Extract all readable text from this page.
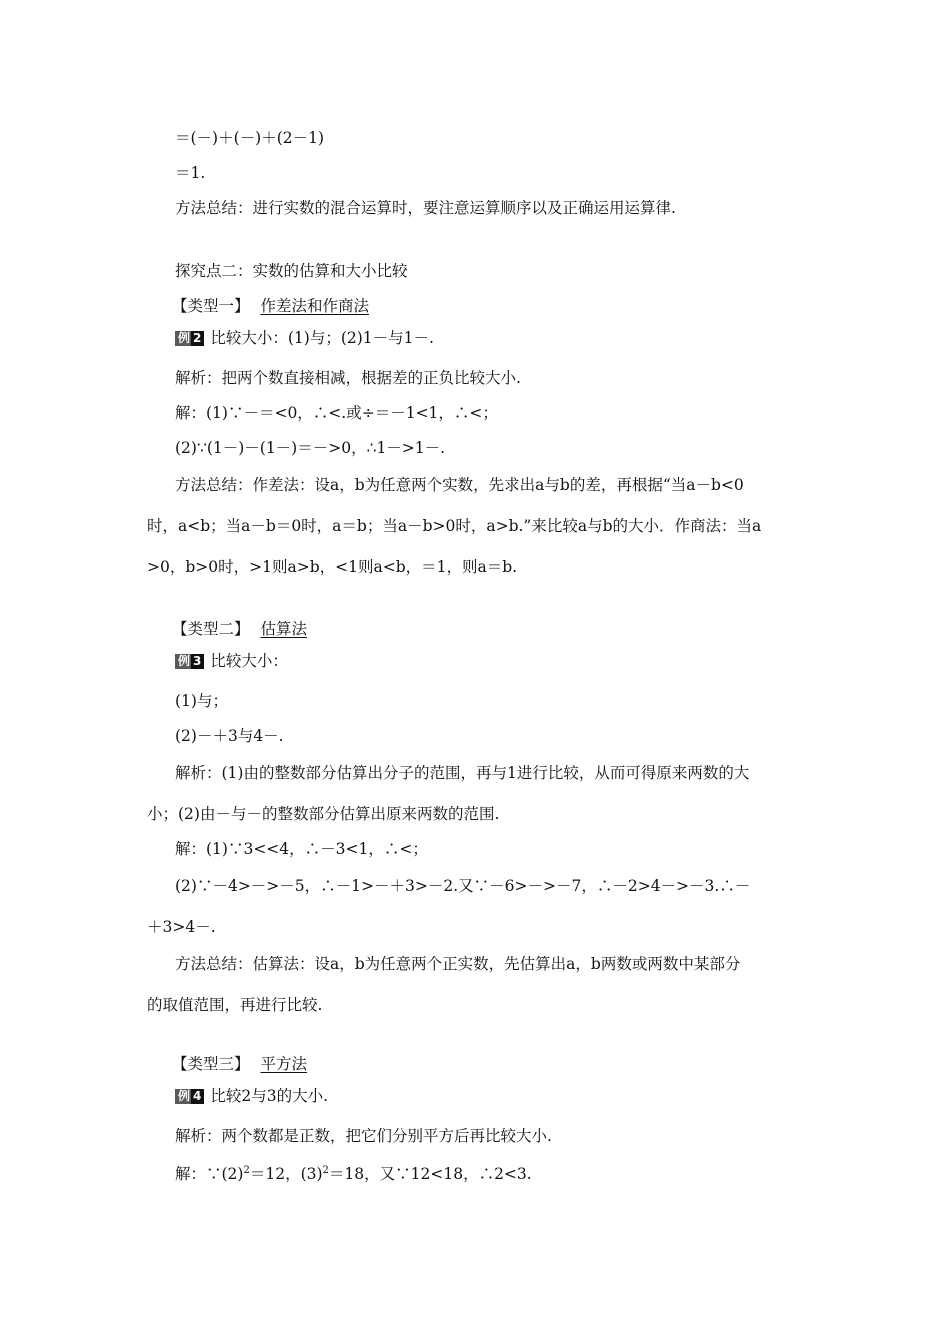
＝(－)＋(－)＋(2－1)
＝1.
方法总结：进行实数的混合运算时，要注意运算顺序以及正确运用运算律.
探究点二：实数的估算和大小比较
【类型一】 作差法和作商法
例 2 比较大小：(1)与；(2)1－与1－.
解析：把两个数直接相减，根据差的正负比较大小.
解：(1)∵－＝<0，∴<.或÷＝－1<1，∴<；
(2)∵(1－)－(1－)＝－>0，∴1－>1－.
方法总结：作差法：设a，b为任意两个实数，先求出a与b的差，再根据“当a－b<0
时，a<b；当a－b＝0时，a＝b；当a－b>0时，a>b.”来比较a与b的大小．作商法：当a
>0，b>0时，>1则a>b，<1则a<b，＝1，则a＝b.
【类型二】 估算法
例 3 比较大小：
(1)与；
(2)－＋3与4－.
解析：(1)由的整数部分估算出分子的范围，再与1进行比较，从而可得原来两数的大
小；(2)由－与－的整数部分估算出原来两数的范围.
解：(1)∵3<<4，∴－3<1，∴<；
(2)∵－4>－>－5，∴－1>－＋3>－2.又∵－6>－>－7，∴－2>4－>－3.∴－
＋3>4－.
方法总结：估算法：设a，b为任意两个正实数，先估算出a，b两数或两数中某部分
的取值范围，再进行比较.
【类型三】 平方法
例 4 比较2与3的大小.
解析：两个数都是正数，把它们分别平方后再比较大小.
解：$\because(2)^2=12$，$(3)^2=18$，又∵12<18，∴2<3.
